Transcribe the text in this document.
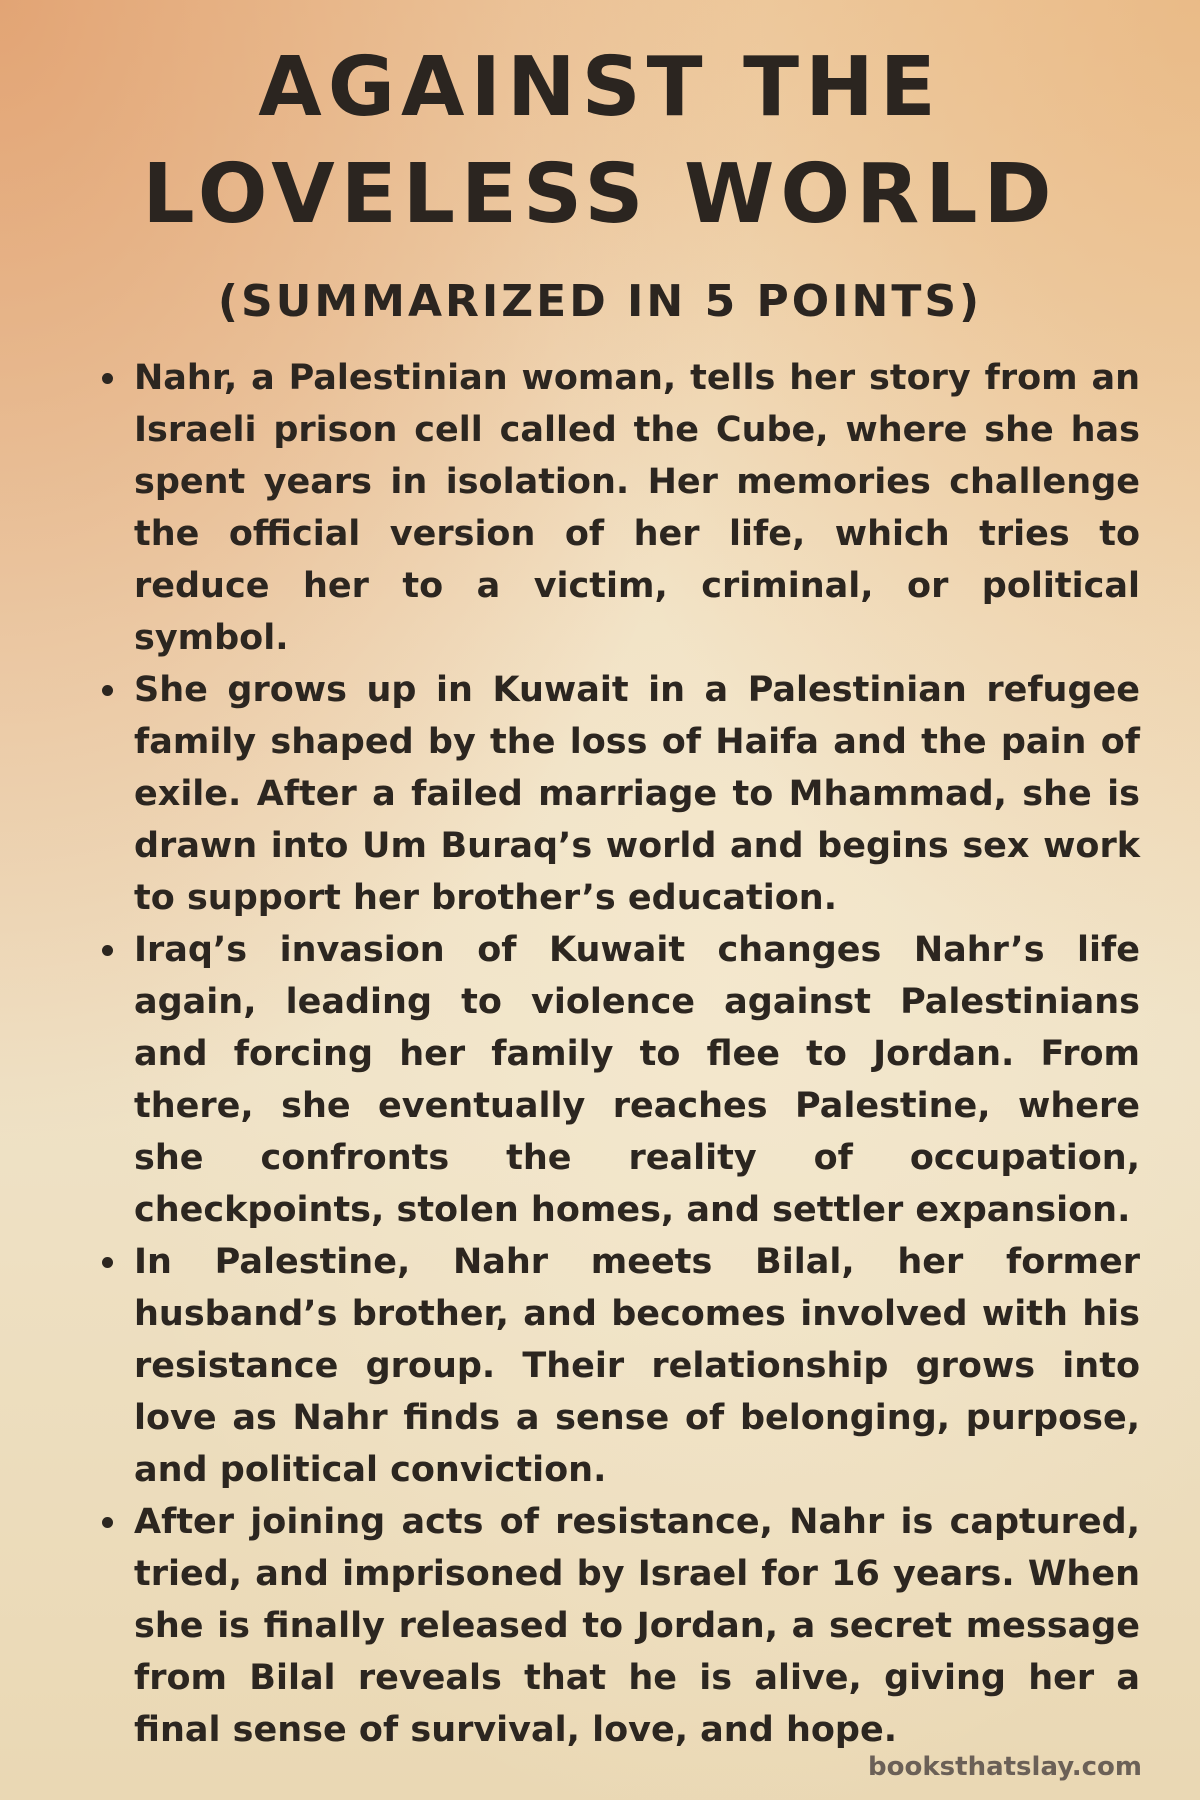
AGAINST THE
LOVELESS WORLD
(SUMMARIZED IN 5 POINTS)
Nahr, a Palestinian woman, tells her story from an Israeli prison cell called the Cube, where she has spent years in isolation. Her memories challenge the official version of her life, which tries to reduce her to a victim, criminal, or political symbol.
She grows up in Kuwait in a Palestinian refugee family shaped by the loss of Haifa and the pain of exile. After a failed marriage to Mhammad, she is drawn into Um Buraq’s world and begins sex work to support her brother’s education.
Iraq’s invasion of Kuwait changes Nahr’s life again, leading to violence against Palestinians and forcing her family to flee to Jordan. From there, she eventually reaches Palestine, where she confronts the reality of occupation, checkpoints, stolen homes, and settler expansion.
In Palestine, Nahr meets Bilal, her former husband’s brother, and becomes involved with his resistance group. Their relationship grows into love as Nahr finds a sense of belonging, purpose, and political conviction.
After joining acts of resistance, Nahr is captured, tried, and imprisoned by Israel for 16 years. When she is finally released to Jordan, a secret message from Bilal reveals that he is alive, giving her a final sense of survival, love, and hope.
booksthatslay.com
